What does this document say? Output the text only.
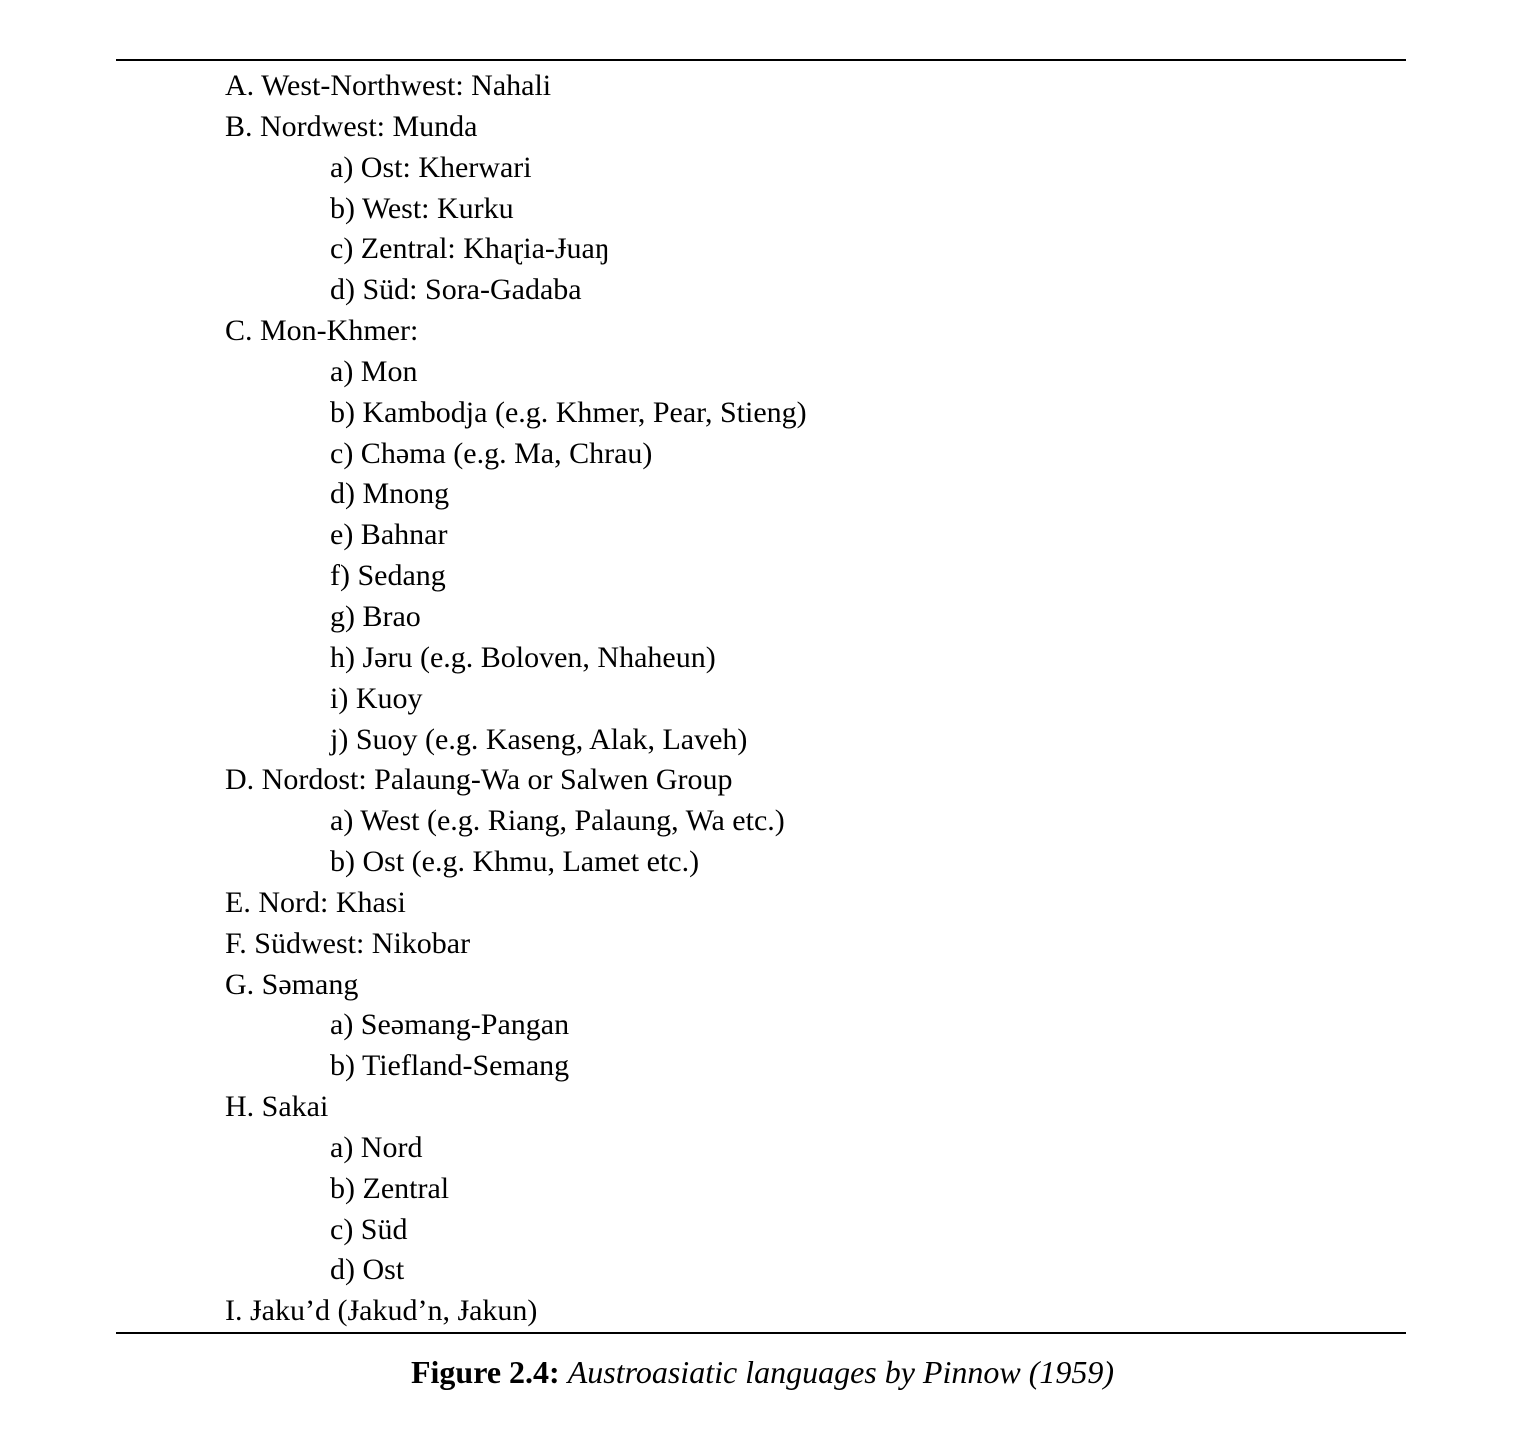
A. West-Northwest: Nahali
B. Nordwest: Munda
a) Ost: Kherwari
b) West: Kurku
c) Zentral: Khaɽia-Ɉuaŋ
d) Süd: Sora-Gadaba
C. Mon-Khmer:
a) Mon
b) Kambodja (e.g. Khmer, Pear, Stieng)
c) Chəma (e.g. Ma, Chrau)
d) Mnong
e) Bahnar
f) Sedang
g) Brao
h) Jəru (e.g. Boloven, Nhaheun)
i) Kuoy
j) Suoy (e.g. Kaseng, Alak, Laveh)
D. Nordost: Palaung-Wa or Salwen Group
a) West (e.g. Riang, Palaung, Wa etc.)
b) Ost (e.g. Khmu, Lamet etc.)
E. Nord: Khasi
F. Südwest: Nikobar
G. Səmang
a) Seəmang-Pangan
b) Tiefland-Semang
H. Sakai
a) Nord
b) Zentral
c) Süd
d) Ost
I. Ɉaku’d (Ɉakud’n, Ɉakun)
Figure 2.4: Austroasiatic languages by Pinnow (1959)
